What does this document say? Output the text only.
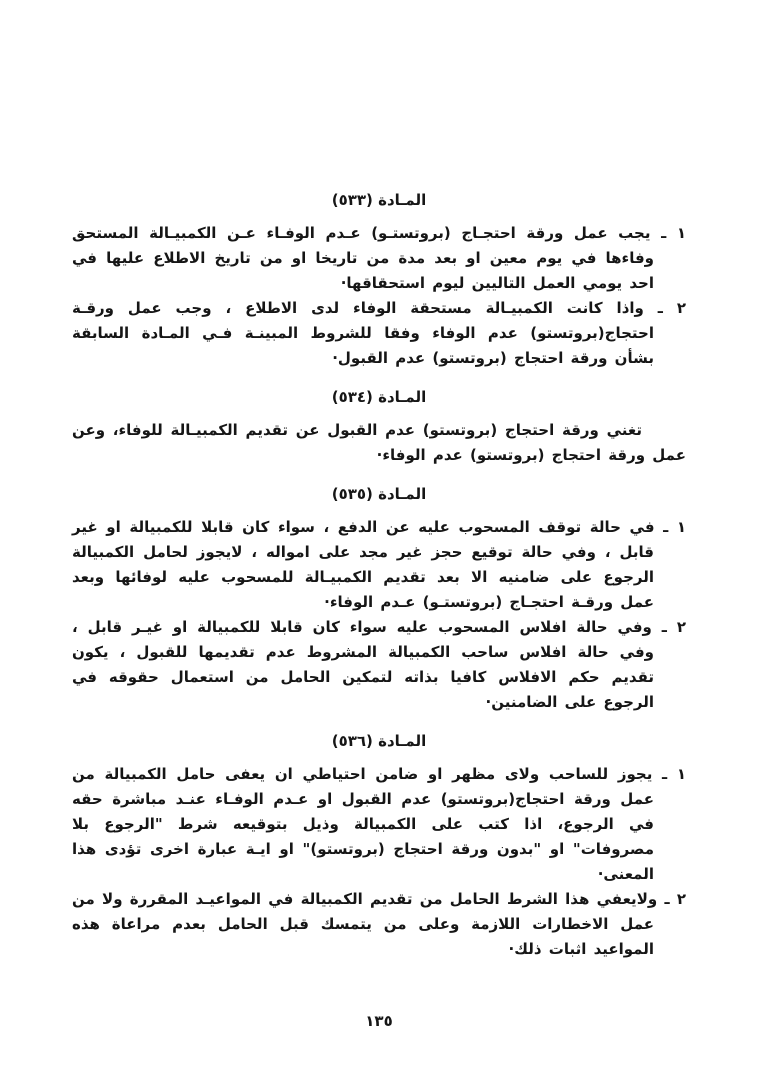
المـادة (٥٣٣)

١ ـ يجب عمل ورقة احتجـاج (بروتستـو) عـدم الوفـاء عـن الكمبيـالة المستحق وفاءها في يوم معين او بعد مدة من تاريخا او من تاريخ الاطلاع عليها في احد يومي العمل التاليين ليوم استحقاقها·

٢ ـ واذا كانت الكمبيـالة مستحقة الوفاء لدى الاطلاع ، وجب عمل ورقـة احتجاج(بروتستو) عدم الوفاء وفقا للشروط المبينـة فـي المـادة السابقة بشأن ورقة احتجاج (بروتستو) عدم القبول·

المـادة (٥٣٤)

تغني ورقة احتجاج (بروتستو) عدم القبول عن تقديم الكمبيـالة للوفاء، وعن عمل ورقة احتجاج (بروتستو) عدم الوفاء·

المـادة (٥٣٥)

١ ـ في حالة توقف المسحوب عليه عن الدفع ، سواء كان قابلا للكمبيالة او غير قابل ، وفي حالة توقيع حجز غير مجد على امواله ، لايجوز لحامل الكمبيالة الرجوع على ضامنيه الا بعد تقديم الكمبيـالة للمسحوب عليه لوفائها وبعد عمل ورقـة احتجـاج (بروتستـو) عـدم الوفاء·

٢ ـ وفي حالة افلاس المسحوب عليه سواء كان قابلا للكمبيالة او غيـر قابل ، وفي حالة افلاس ساحب الكمبيالة المشروط عدم تقديمها للقبول ، يكون تقديم حكم الافلاس كافيا بذاته لتمكين الحامل من استعمال حقوقه في الرجوع على الضامنين·

المـادة (٥٣٦)

١ ـ يجوز للساحب ولاى مظهر او ضامن احتياطي ان يعفى حامل الكمبيالة من عمل ورقة احتجاج(بروتستو) عدم القبول او عـدم الوفـاء عنـد مباشرة حقه في الرجوع، اذا كتب على الكمبيالة وذيل بتوقيعه شرط "الرجوع بلا مصروفات" او "بدون ورقة احتجاج (بروتستو)" او ايـة عبارة اخرى تؤدى هذا المعنى·

٢ ـ ولايعفي هذا الشرط الحامل من تقديم الكمبيالة في المواعيـد المقررة ولا من عمل الاخطارات اللازمة وعلى من يتمسك قبل الحامل بعدم مراعاة هذه المواعيد اثبات ذلك·

١٣٥
